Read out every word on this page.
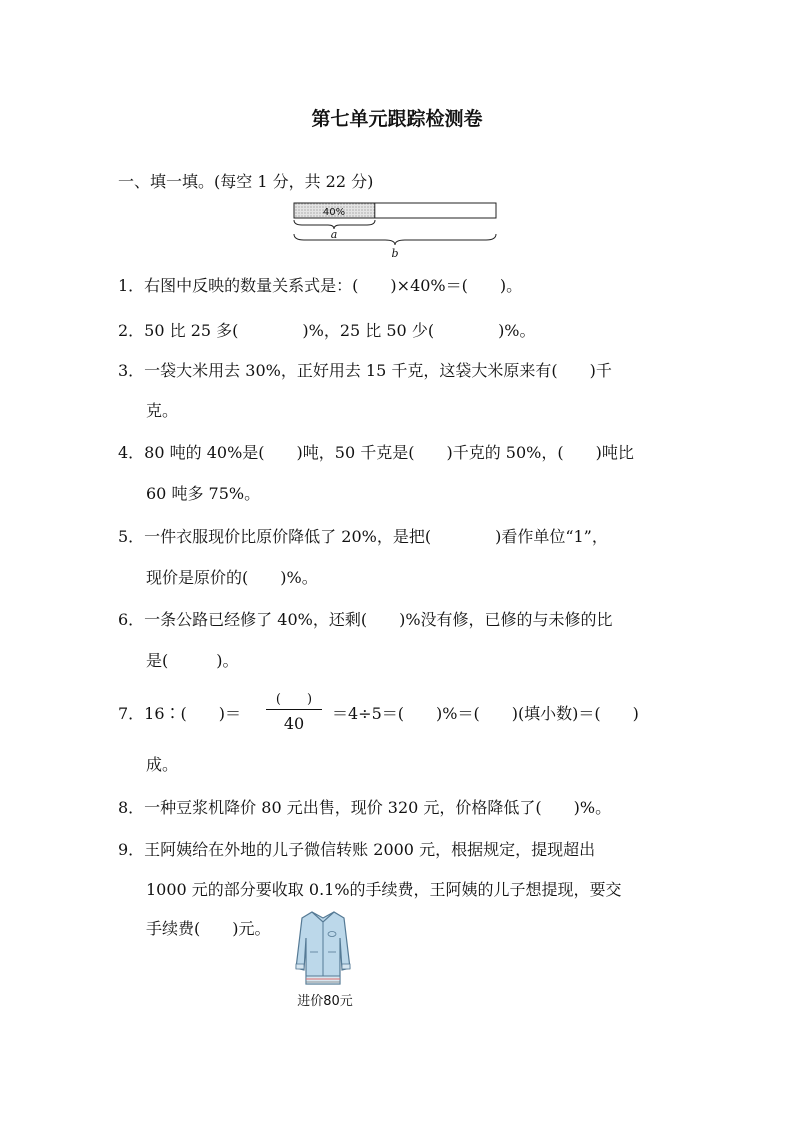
第七单元跟踪检测卷
一、填一填。(每空 1 分，共 22 分)
40%
a
b
1．右图中反映的数量关系式是：(　　)×40%＝(　　)。
2．50 比 25 多(　　　　)%，25 比 50 少(　　　　)%。
3．一袋大米用去 30%，正好用去 15 千克，这袋大米原来有(　　)千
克。
4．80 吨的 40%是(　　)吨，50 千克是(　　)千克的 50%，(　　)吨比
60 吨多 75%。
5．一件衣服现价比原价降低了 20%，是把(　　　　)看作单位“1”，
现价是原价的(　　)%。
6．一条公路已经修了 40%，还剩(　　)%没有修，已修的与未修的比
是(　　　)。
7．16∶(　　)＝
(　　)
40
＝4÷5＝(　　)%＝(　　)(填小数)＝(　　)
成。
8．一种豆浆机降价 80 元出售，现价 320 元，价格降低了(　　)%。
9．王阿姨给在外地的儿子微信转账 2000 元，根据规定，提现超出
1000 元的部分要收取 0.1%的手续费，王阿姨的儿子想提现，要交
手续费(　　)元。
进价80元
